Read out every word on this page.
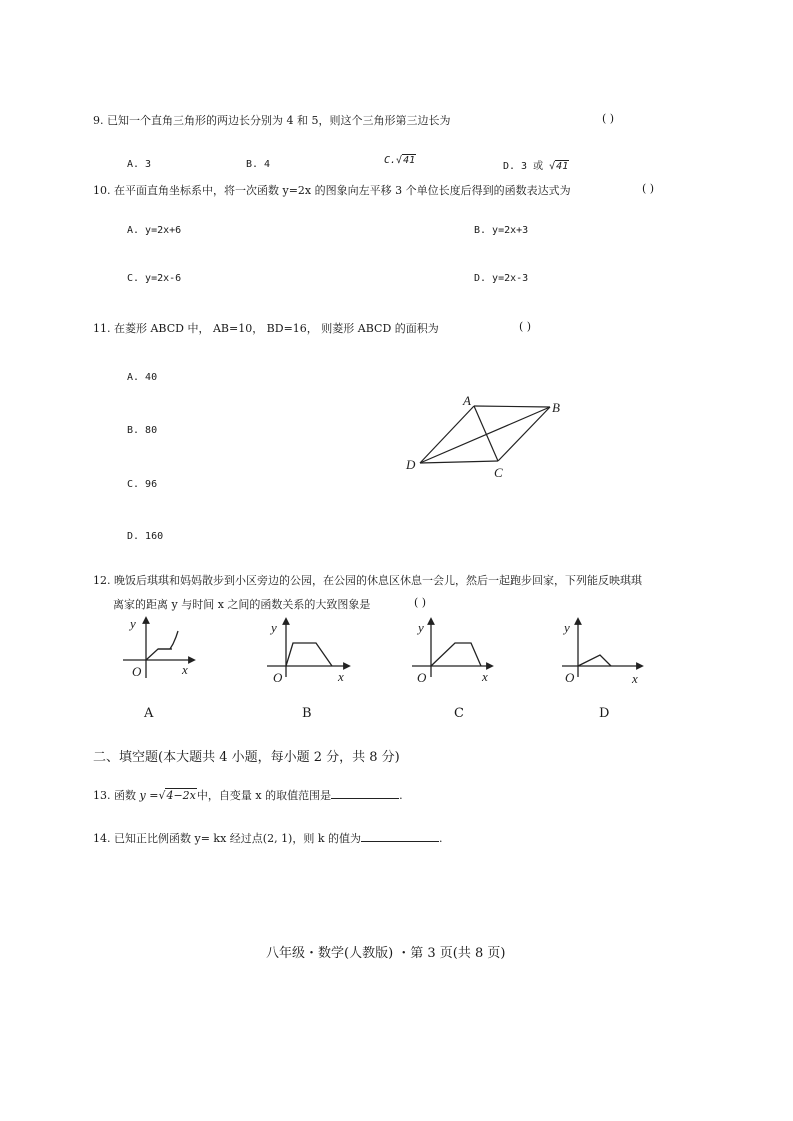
9. 已知一个直角三角形的两边长分别为 4 和 5，则这个三角形第三边长为	( )
A. 3	B. 4	C.√41
D. 3 或 √41
10. 在平面直角坐标系中，将一次函数 y=2x 的图象向左平移 3 个单位长度后得到的函数表达式为	( )
A. y=2x+6	B. y=2x+3
C. y=2x-6	D. y=2x-3
11. 在菱形 ABCD 中， AB=10， BD=16， 则菱形 ABCD 的面积为	( )
A. 40
B. 80
C. 96
D. 160
A	B
C
D
12. 晚饭后琪琪和妈妈散步到小区旁边的公园，在公园的休息区休息一会儿，然后一起跑步回家，下列能反映琪琪
离家的距离 y 与时间 x 之间的函数关系的大致图象是	( )
y
x
O
y
x
O
y
x
O
y
x
O
A	B	C	D
二、填空题(本大题共 4 小题，每小题 2 分，共 8 分)
13. 函数 y =√4−2x中，自变量 x 的取值范围是	.
14. 已知正比例函数 y= kx 经过点(2, 1)，则 k 的值为	.
八年级・数学(人教版) ・第 3 页(共 8 页)
